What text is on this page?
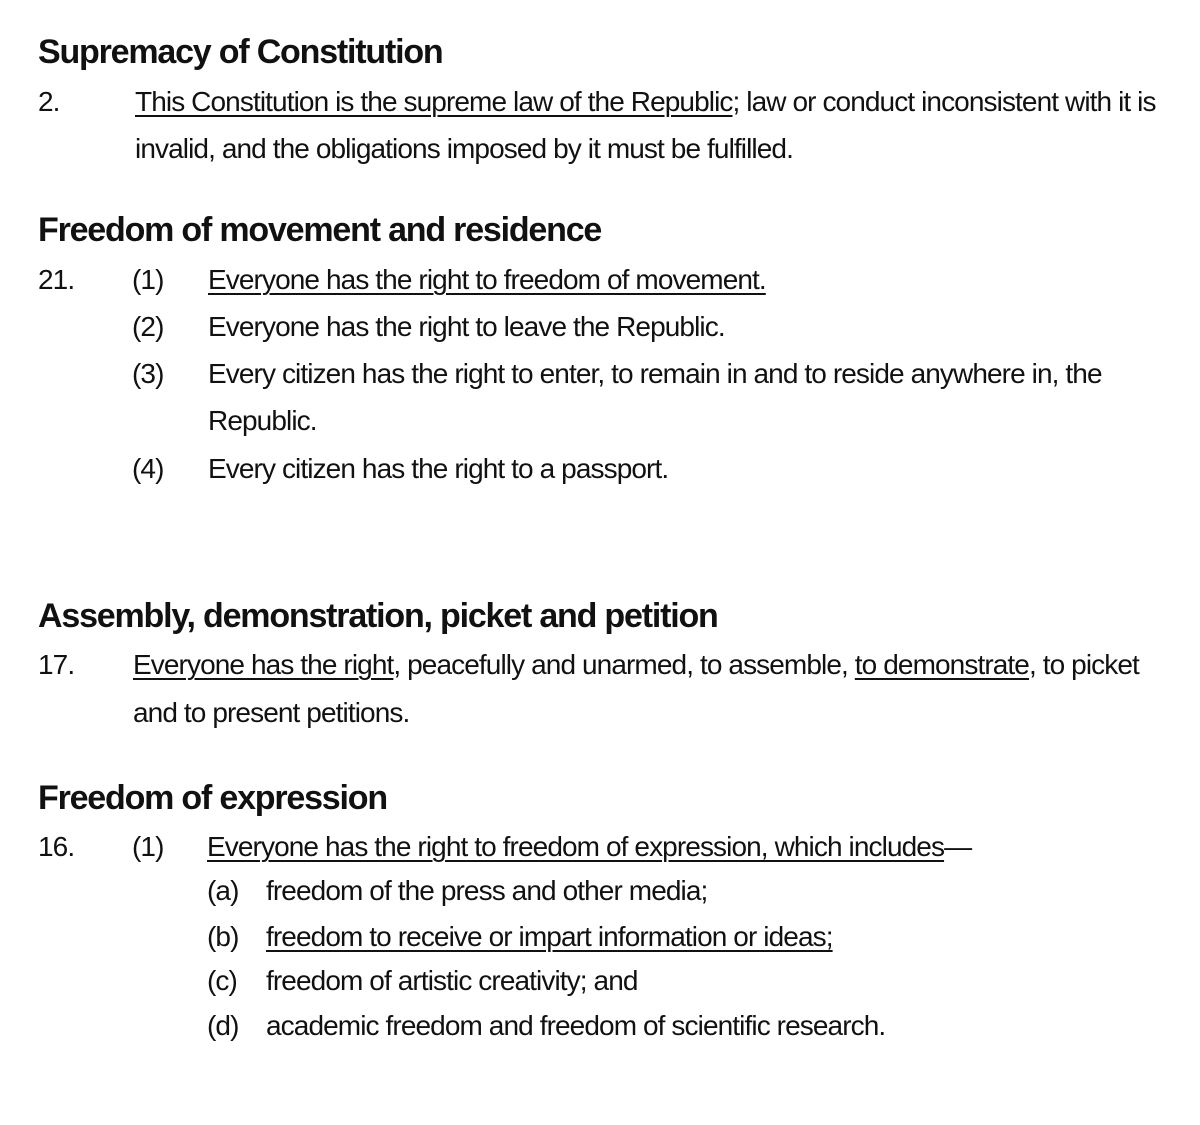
Supremacy of Constitution
2.	This Constitution is the supreme law of the Republic; law or conduct inconsistent with it is
invalid, and the obligations imposed by it must be fulfilled.
Freedom of movement and residence
21. (1) Everyone has the right to freedom of movement.
(2) Everyone has the right to leave the Republic.
(3) Every citizen has the right to enter, to remain in and to reside anywhere in, the
Republic.
(4) Every citizen has the right to a passport.
Assembly, demonstration, picket and petition
17. Everyone has the right, peacefully and unarmed, to assemble, to demonstrate, to picket
and to present petitions.
Freedom of expression
16. (1) Everyone has the right to freedom of expression, which includes—
(a) freedom of the press and other media;
(b) freedom to receive or impart information or ideas;
(c) freedom of artistic creativity; and
(d) academic freedom and freedom of scientific research.
